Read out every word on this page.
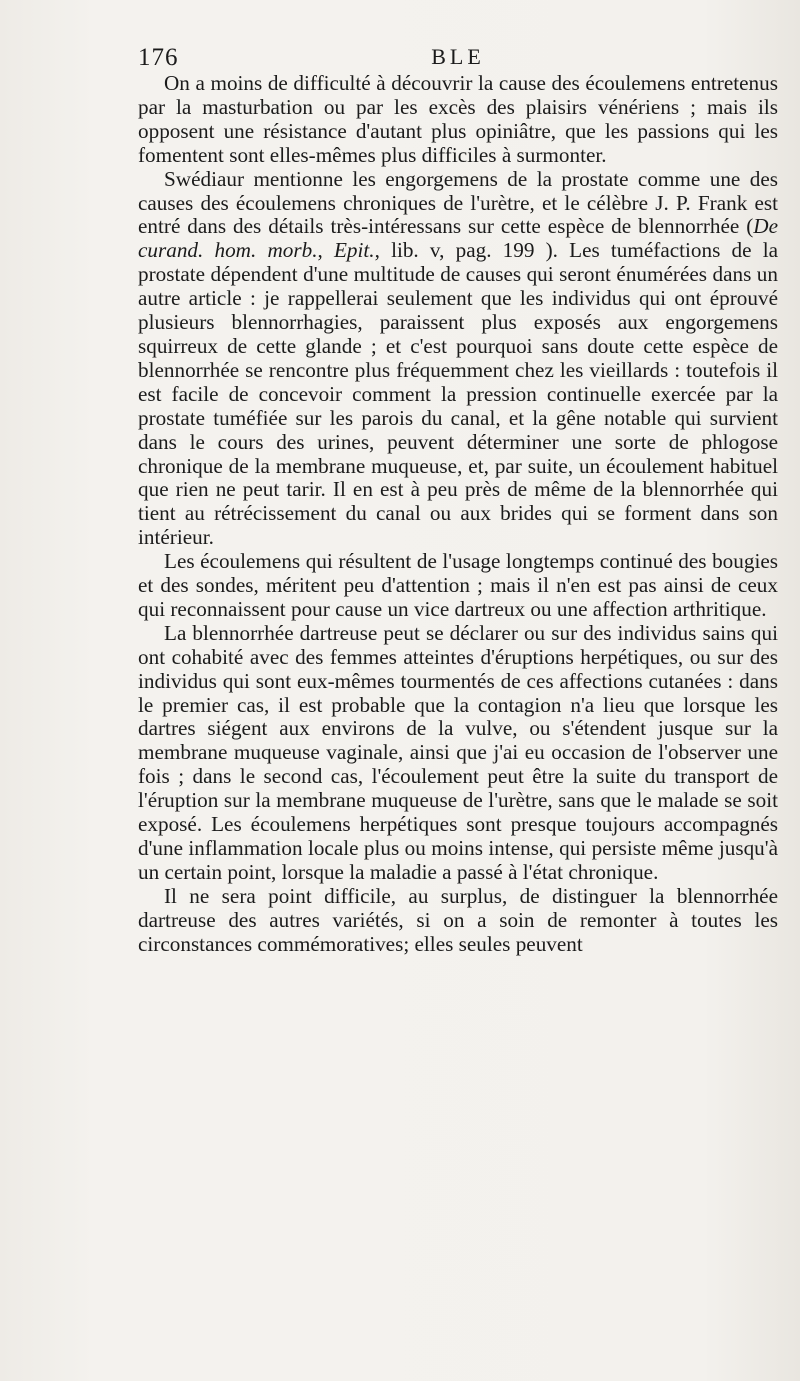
176	BLE

On a moins de difficulté à découvrir la cause des écoulemens entretenus par la masturbation ou par les excès des plaisirs vénériens ; mais ils opposent une résistance d'autant plus opiniâtre, que les passions qui les fomentent sont elles-mêmes plus difficiles à surmonter.

Swédiaur mentionne les engorgemens de la prostate comme une des causes des écoulemens chroniques de l'urètre, et le célèbre J. P. Frank est entré dans des détails très-intéressans sur cette espèce de blennorrhée (De curand. hom. morb., Epit., lib. v, pag. 199 ). Les tuméfactions de la prostate dépendent d'une multitude de causes qui seront énumérées dans un autre article : je rappellerai seulement que les individus qui ont éprouvé plusieurs blennorrhagies, paraissent plus exposés aux engorgemens squirreux de cette glande ; et c'est pourquoi sans doute cette espèce de blennorrhée se rencontre plus fréquemment chez les vieillards : toutefois il est facile de concevoir comment la pression continuelle exercée par la prostate tuméfiée sur les parois du canal, et la gêne notable qui survient dans le cours des urines, peuvent déterminer une sorte de phlogose chronique de la membrane muqueuse, et, par suite, un écoulement habituel que rien ne peut tarir. Il en est à peu près de même de la blennorrhée qui tient au rétrécissement du canal ou aux brides qui se forment dans son intérieur.

Les écoulemens qui résultent de l'usage longtemps continué des bougies et des sondes, méritent peu d'attention ; mais il n'en est pas ainsi de ceux qui reconnaissent pour cause un vice dartreux ou une affection arthritique.

La blennorrhée dartreuse peut se déclarer ou sur des individus sains qui ont cohabité avec des femmes atteintes d'éruptions herpétiques, ou sur des individus qui sont eux-mêmes tourmentés de ces affections cutanées : dans le premier cas, il est probable que la contagion n'a lieu que lorsque les dartres siégent aux environs de la vulve, ou s'étendent jusque sur la membrane muqueuse vaginale, ainsi que j'ai eu occasion de l'observer une fois ; dans le second cas, l'écoulement peut être la suite du transport de l'éruption sur la membrane muqueuse de l'urètre, sans que le malade se soit exposé. Les écoulemens herpétiques sont presque toujours accompagnés d'une inflammation locale plus ou moins intense, qui persiste même jusqu'à un certain point, lorsque la maladie a passé à l'état chronique.

Il ne sera point difficile, au surplus, de distinguer la blennorrhée dartreuse des autres variétés, si on a soin de remonter à toutes les circonstances commémoratives; elles seules peuvent
